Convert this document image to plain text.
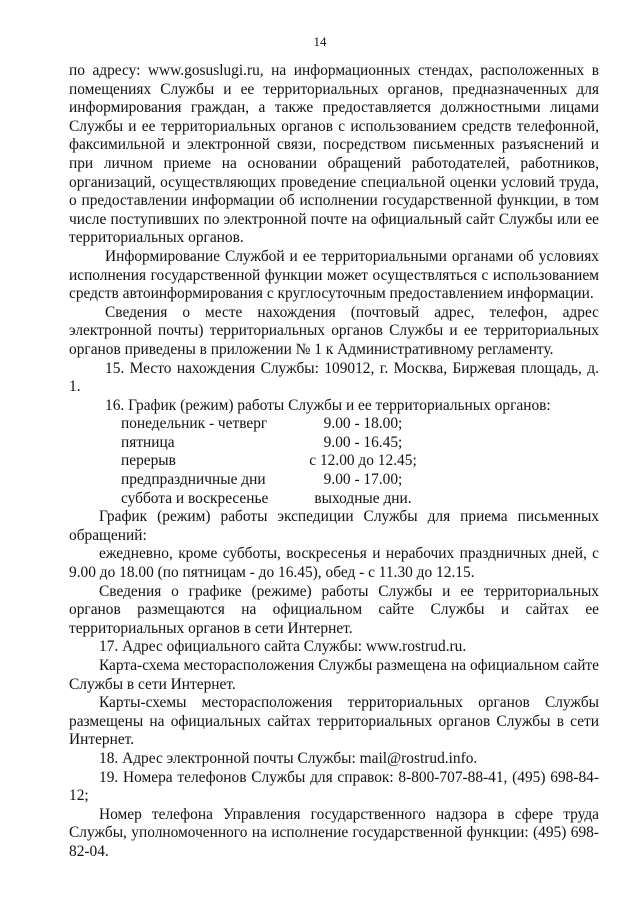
14

по адресу: www.gosuslugi.ru, на информационных стендах, расположенных в помещениях Службы и ее территориальных органов, предназначенных для информирования граждан, а также предоставляется должностными лицами Службы и ее территориальных органов с использованием средств телефонной, факсимильной и электронной связи, посредством письменных разъяснений и при личном приеме на основании обращений работодателей, работников, организаций, осуществляющих проведение специальной оценки условий труда, о предоставлении информации об исполнении государственной функции, в том числе поступивших по электронной почте на официальный сайт Службы или ее территориальных органов.

Информирование Службой и ее территориальными органами об условиях исполнения государственной функции может осуществляться с использованием средств автоинформирования с круглосуточным предоставлением информации.

Сведения о месте нахождения (почтовый адрес, телефон, адрес электронной почты) территориальных органов Службы и ее территориальных органов приведены в приложении № 1 к Административному регламенту.

15. Место нахождения Службы: 109012, г. Москва, Биржевая площадь, д. 1.

16. График (режим) работы Службы и ее территориальных органов:

понедельник - четверг	9.00 - 18.00;
пятница	9.00 - 16.45;
перерыв	с 12.00 до 12.45;
предпраздничные дни	9.00 - 17.00;
суббота и воскресенье	выходные дни.

График (режим) работы экспедиции Службы для приема письменных обращений:

ежедневно, кроме субботы, воскресенья и нерабочих праздничных дней, с 9.00 до 18.00 (по пятницам - до 16.45), обед - с 11.30 до 12.15.

Сведения о графике (режиме) работы Службы и ее территориальных органов размещаются на официальном сайте Службы и сайтах ее территориальных органов в сети Интернет.

17. Адрес официального сайта Службы: www.rostrud.ru.

Карта-схема месторасположения Службы размещена на официальном сайте Службы в сети Интернет.

Карты-схемы месторасположения территориальных органов Службы размещены на официальных сайтах территориальных органов Службы в сети Интернет.

18. Адрес электронной почты Службы: mail@rostrud.info.

19. Номера телефонов Службы для справок: 8-800-707-88-41, (495) 698-84-12;

Номер телефона Управления государственного надзора в сфере труда Службы, уполномоченного на исполнение государственной функции: (495) 698-82-04.
